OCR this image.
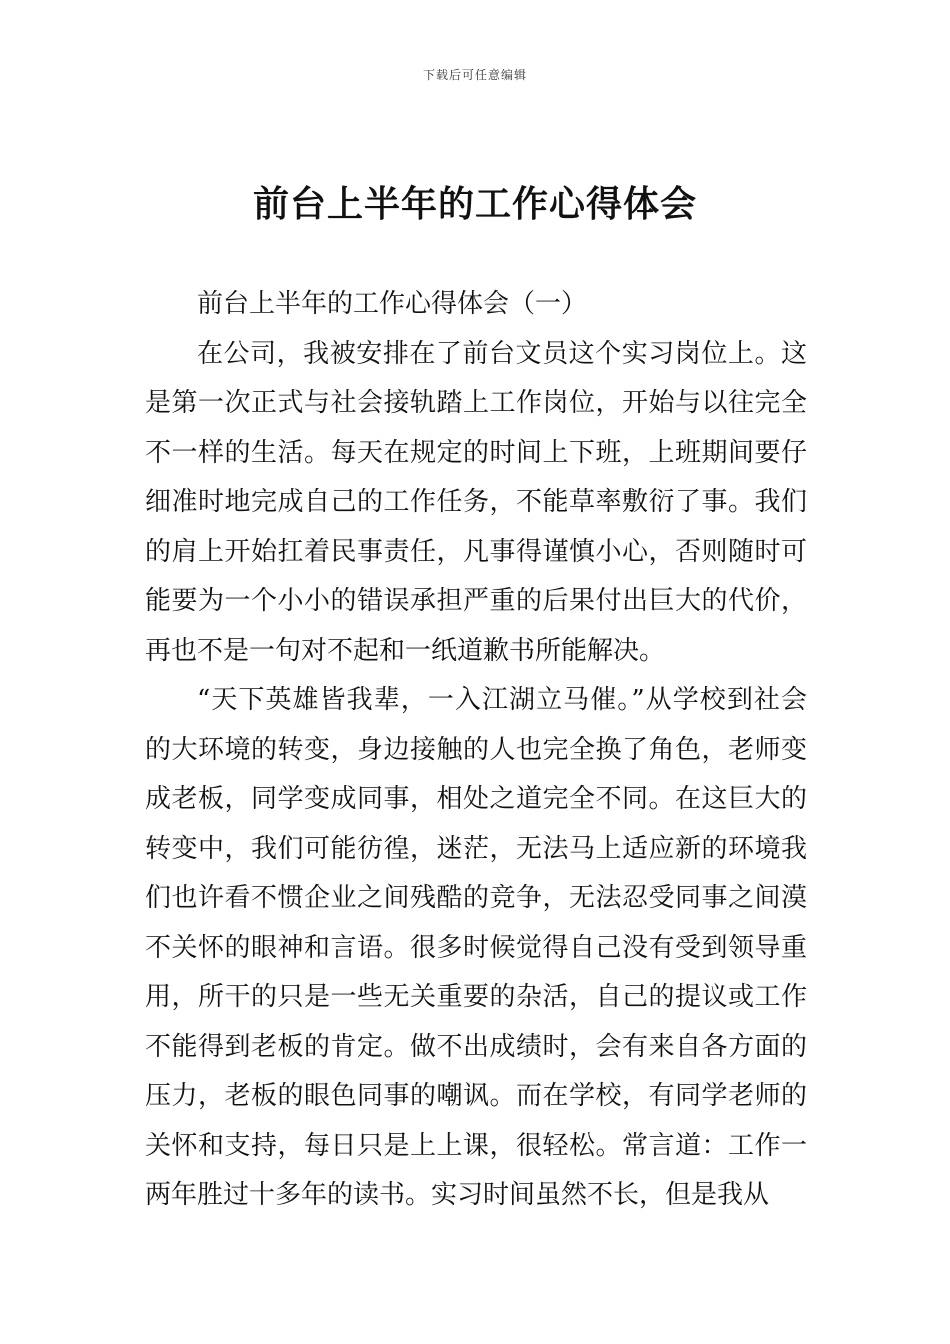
下载后可任意编辑
前台上半年的工作心得体会

前台上半年的工作心得体会（一）

在公司，我被安排在了前台文员这个实习岗位上。这是第一次正式与社会接轨踏上工作岗位，开始与以往完全不一样的生活。每天在规定的时间上下班，上班期间要仔细准时地完成自己的工作任务，不能草率敷衍了事。我们的肩上开始扛着民事责任，凡事得谨慎小心，否则随时可能要为一个小小的错误承担严重的后果付出巨大的代价，再也不是一句对不起和一纸道歉书所能解决。

“天下英雄皆我辈，一入江湖立马催。”从学校到社会的大环境的转变，身边接触的人也完全换了角色，老师变成老板，同学变成同事，相处之道完全不同。在这巨大的转变中，我们可能彷徨，迷茫，无法马上适应新的环境我们也许看不惯企业之间残酷的竞争，无法忍受同事之间漠不关怀的眼神和言语。很多时候觉得自己没有受到领导重用，所干的只是一些无关重要的杂活，自己的提议或工作不能得到老板的肯定。做不出成绩时，会有来自各方面的压力，老板的眼色同事的嘲讽。而在学校，有同学老师的关怀和支持，每日只是上上课，很轻松。常言道：工作一两年胜过十多年的读书。实习时间虽然不长，但是我从
